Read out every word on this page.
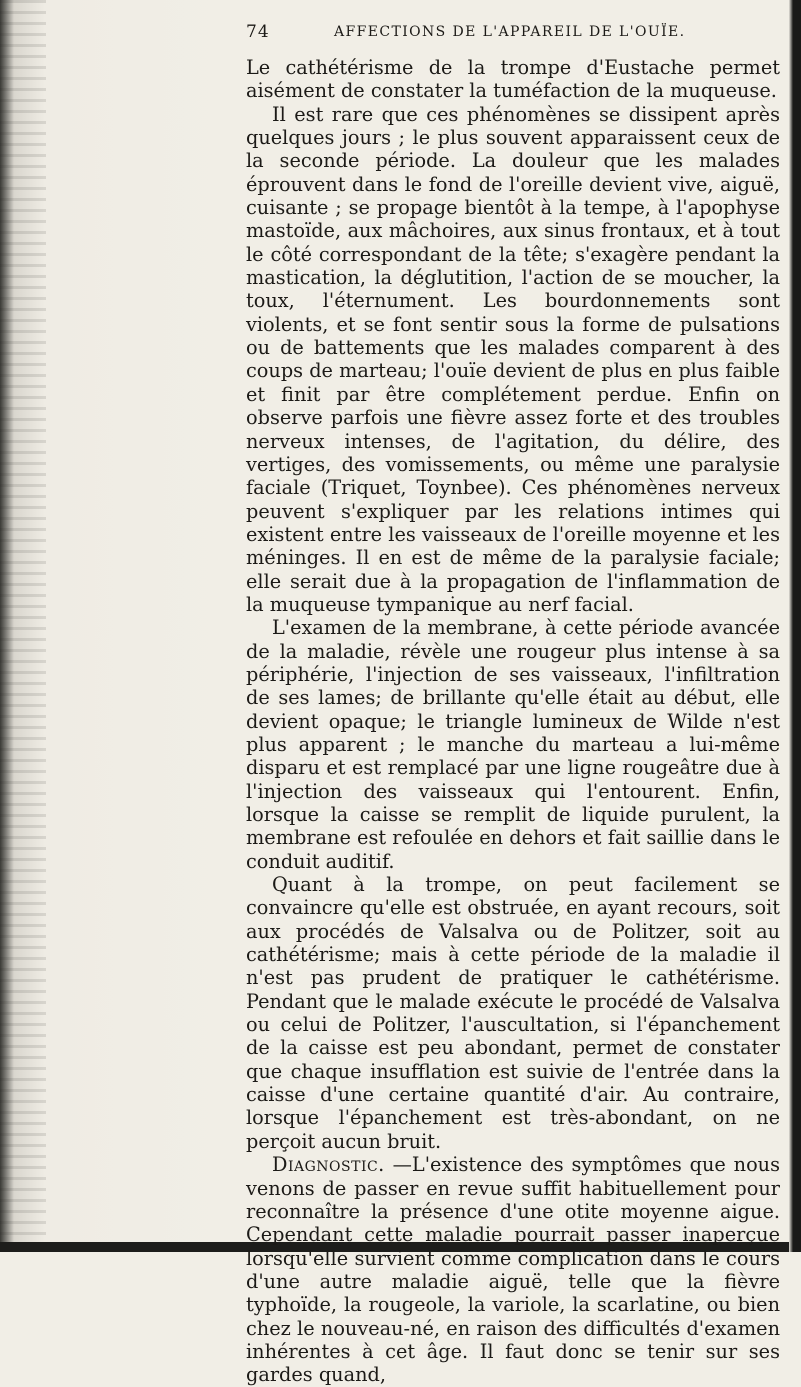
74	AFFECTIONS DE L'APPAREIL DE L'OUÏE.

Le cathétérisme de la trompe d'Eustache permet aisément de constater la tuméfaction de la muqueuse.

Il est rare que ces phénomènes se dissipent après quelques jours ; le plus souvent apparaissent ceux de la seconde période. La douleur que les malades éprouvent dans le fond de l'oreille devient vive, aiguë, cuisante ; se propage bientôt à la tempe, à l'apophyse mastoïde, aux mâchoires, aux sinus frontaux, et à tout le côté correspondant de la tête; s'exagère pendant la mastication, la déglutition, l'action de se moucher, la toux, l'éternument. Les bourdonnements sont violents, et se font sentir sous la forme de pulsations ou de battements que les malades comparent à des coups de marteau; l'ouïe devient de plus en plus faible et finit par être complétement perdue. Enfin on observe parfois une fièvre assez forte et des troubles nerveux intenses, de l'agitation, du délire, des vertiges, des vomissements, ou même une paralysie faciale (Triquet, Toynbee). Ces phénomènes nerveux peuvent s'expliquer par les relations intimes qui existent entre les vaisseaux de l'oreille moyenne et les méninges. Il en est de même de la paralysie faciale; elle serait due à la propagation de l'inflammation de la muqueuse tympanique au nerf facial.

L'examen de la membrane, à cette période avancée de la maladie, révèle une rougeur plus intense à sa périphérie, l'injection de ses vaisseaux, l'infiltration de ses lames; de brillante qu'elle était au début, elle devient opaque; le triangle lumineux de Wilde n'est plus apparent ; le manche du marteau a lui-même disparu et est remplacé par une ligne rougeâtre due à l'injection des vaisseaux qui l'entourent. Enfin, lorsque la caisse se remplit de liquide purulent, la membrane est refoulée en dehors et fait saillie dans le conduit auditif.

Quant à la trompe, on peut facilement se convaincre qu'elle est obstruée, en ayant recours, soit aux procédés de Valsalva ou de Politzer, soit au cathétérisme; mais à cette période de la maladie il n'est pas prudent de pratiquer le cathétérisme. Pendant que le malade exécute le procédé de Valsalva ou celui de Politzer, l'auscultation, si l'épanchement de la caisse est peu abondant, permet de constater que chaque insufflation est suivie de l'entrée dans la caisse d'une certaine quantité d'air. Au contraire, lorsque l'épanchement est très-abondant, on ne perçoit aucun bruit.

Diagnostic. —L'existence des symptômes que nous venons de passer en revue suffit habituellement pour reconnaître la présence d'une otite moyenne aigue. Cependant cette maladie pourrait passer inaperçue lorsqu'elle survient comme complication dans le cours d'une autre maladie aiguë, telle que la fièvre typhoïde, la rougeole, la variole, la scarlatine, ou bien chez le nouveau-né, en raison des difficultés d'examen inhérentes à cet âge. Il faut donc se tenir sur ses gardes quand,
